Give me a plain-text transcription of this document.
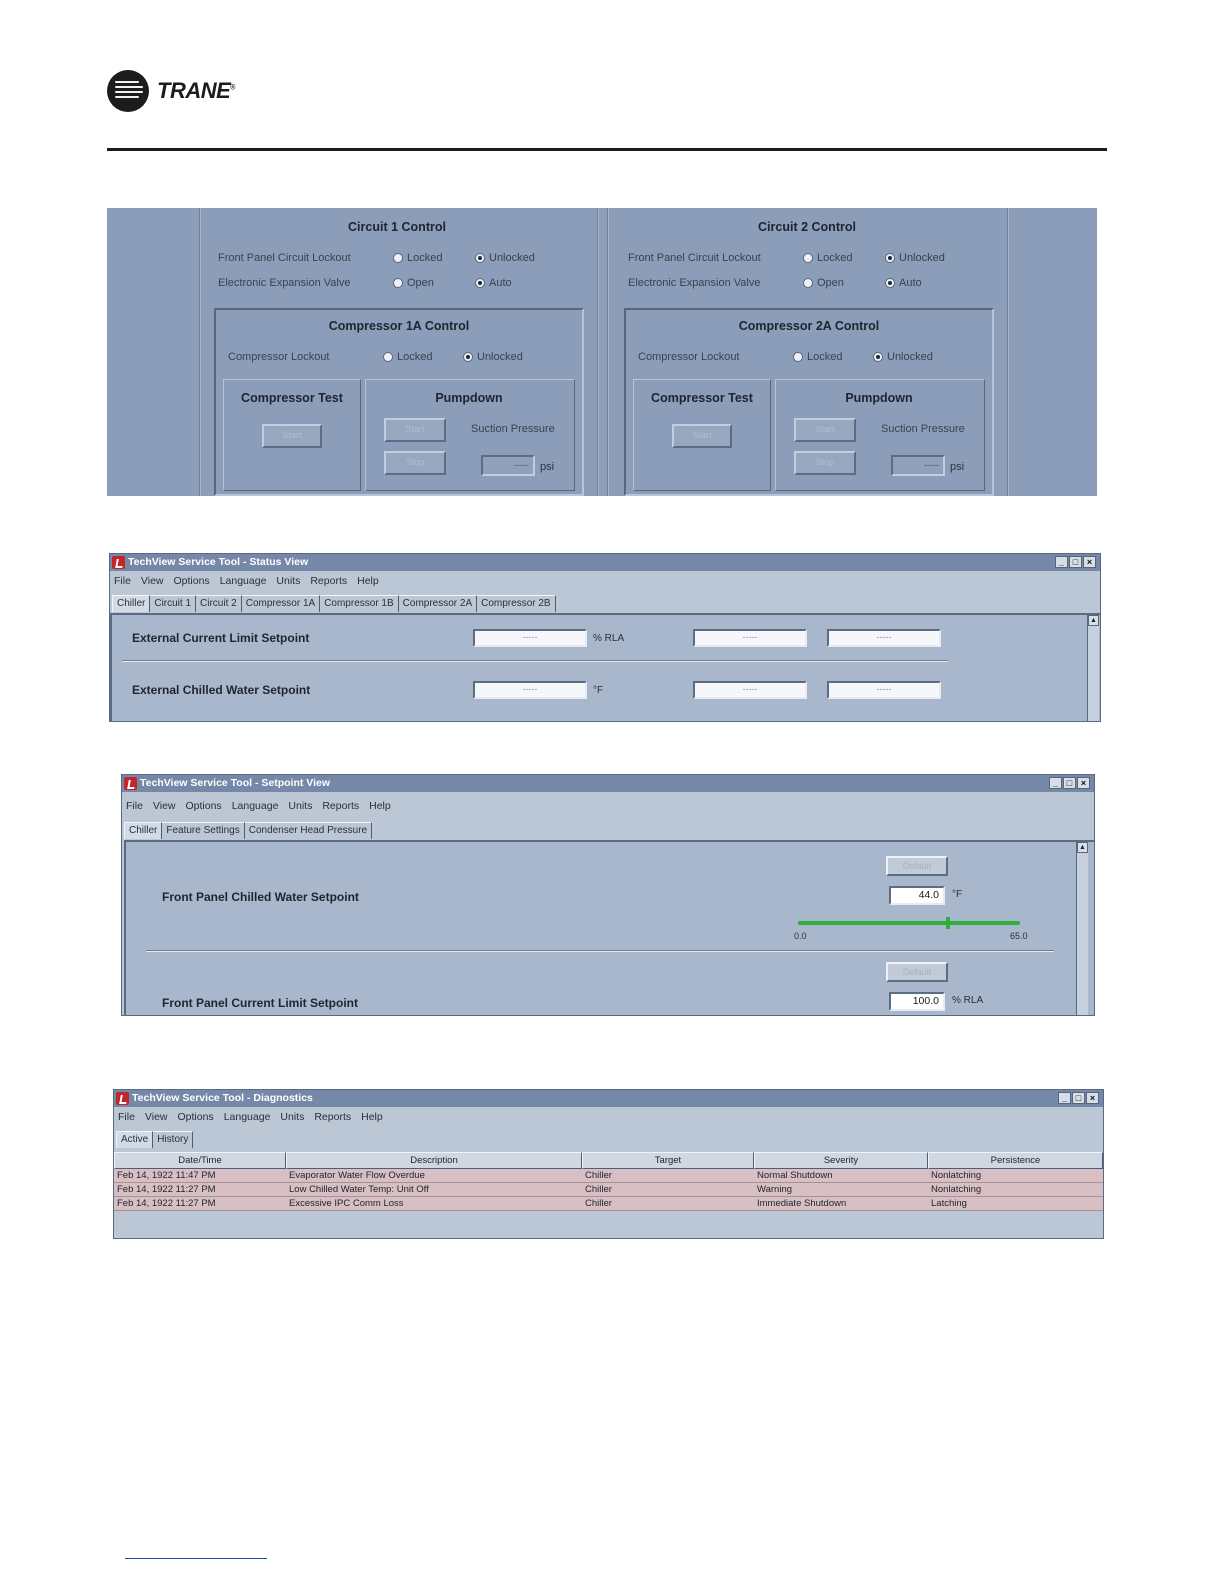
TRANE®
Circuit 1 Control
Front Panel Circuit Lockout	Locked	Unlocked
Electronic Expansion Valve	Open	Auto
Compressor 1A Control
Compressor Lockout	Locked	Unlocked
Compressor Test
Start
Pumpdown
Start
Stop
Suction Pressure
-----	psi
Circuit 2 Control
Front Panel Circuit Lockout	Locked	Unlocked
Electronic Expansion Valve	Open	Auto
Compressor 2A Control
Compressor Lockout	Locked	Unlocked
Compressor Test
Start
Pumpdown
Start
Stop
Suction Pressure
-----	psi
TechView Service Tool - Status View	_ □ ×
File View Options Language Units Reports Help
Chiller Circuit 1 Circuit 2 Compressor 1A Compressor 1B Compressor 2A Compressor 2B
External Current Limit Setpoint	-----	% RLA	-----	-----
External Chilled Water Setpoint	-----	°F	-----	-----
▲
TechView Service Tool - Setpoint View	_ □ ×
File View Options Language Units Reports Help
Chiller Feature Settings Condenser Head Pressure
Default
Front Panel Chilled Water Setpoint	44.0	°F
0.0	65.0
Default
Front Panel Current Limit Setpoint	100.0	% RLA
▲
TechView Service Tool - Diagnostics	_ □ ×
File View Options Language Units Reports Help
Active History
Date/Time	Description	Target	Severity	Persistence
Feb 14, 1922 11:47 PM	Evaporator Water Flow Overdue	Chiller	Normal Shutdown	Nonlatching
Feb 14, 1922 11:27 PM	Low Chilled Water Temp: Unit Off	Chiller	Warning	Nonlatching
Feb 14, 1922 11:27 PM	Excessive IPC Comm Loss	Chiller	Immediate Shutdown	Latching
